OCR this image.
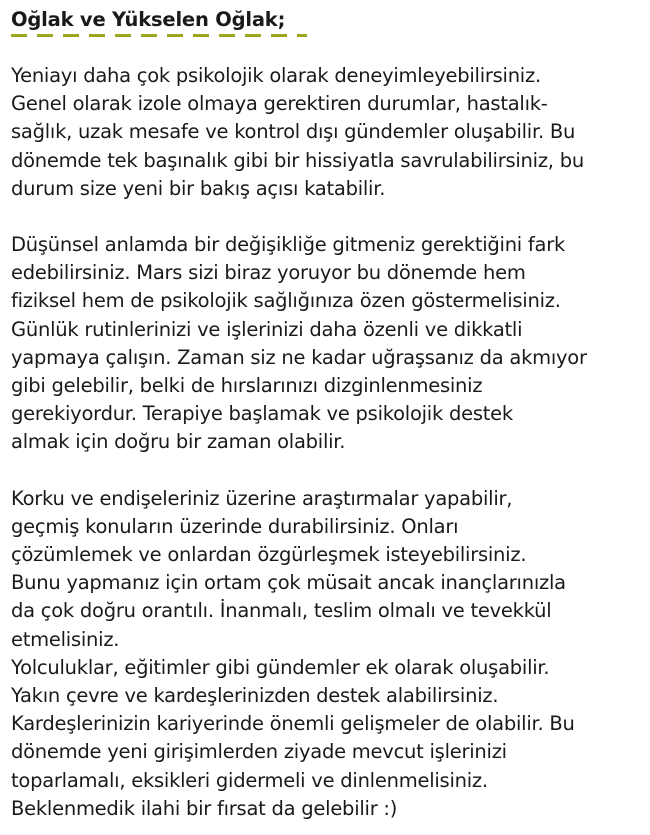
Oğlak ve Yükselen Oğlak;
Yeniayı daha çok psikolojik olarak deneyimleyebilirsiniz.
Genel olarak izole olmaya gerektiren durumlar, hastalık-
sağlık, uzak mesafe ve kontrol dışı gündemler oluşabilir. Bu
dönemde tek başınalık gibi bir hissiyatla savrulabilirsiniz, bu
durum size yeni bir bakış açısı katabilir.
Düşünsel anlamda bir değişikliğe gitmeniz gerektiğini fark
edebilirsiniz. Mars sizi biraz yoruyor bu dönemde hem
fiziksel hem de psikolojik sağlığınıza özen göstermelisiniz.
Günlük rutinlerinizi ve işlerinizi daha özenli ve dikkatli
yapmaya çalışın. Zaman siz ne kadar uğraşsanız da akmıyor
gibi gelebilir, belki de hırslarınızı dizginlenmesiniz
gerekiyordur. Terapiye başlamak ve psikolojik destek
almak için doğru bir zaman olabilir.
Korku ve endişeleriniz üzerine araştırmalar yapabilir,
geçmiş konuların üzerinde durabilirsiniz. Onları
çözümlemek ve onlardan özgürleşmek isteyebilirsiniz.
Bunu yapmanız için ortam çok müsait ancak inançlarınızla
da çok doğru orantılı. İnanmalı, teslim olmalı ve tevekkül
etmelisiniz.
Yolculuklar, eğitimler gibi gündemler ek olarak oluşabilir.
Yakın çevre ve kardeşlerinizden destek alabilirsiniz.
Kardeşlerinizin kariyerinde önemli gelişmeler de olabilir. Bu
dönemde yeni girişimlerden ziyade mevcut işlerinizi
toparlamalı, eksikleri gidermeli ve dinlenmelisiniz.
Beklenmedik ilahi bir fırsat da gelebilir :)
